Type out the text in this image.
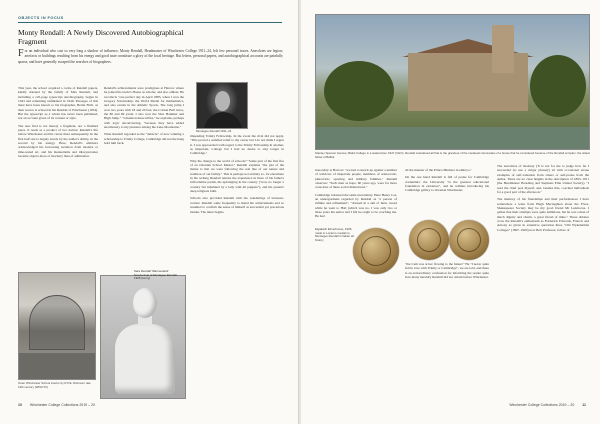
OBJECTS IN FOCUS
Monty Rendall: A Newly Discovered Autobiographical Fragment
For an individual who cast so very long a shadow of influence, Monty Rendall, Headmaster of Winchester College 1911–24, left few personal traces. Anecdotes are legion; artefacts or buildings resulting from his energy and good taste constitute a glory of the local heritage. But letters, personal papers, and autobiographical accounts are painfully sparse, and have generally escaped the searches of biographers.

This year, the school acquired a cache of Rendall papers, kindly donated by the family of Max Rendall, and including a 125-page typescript autobiography, begun in 1943 and remaining unfinished in 1949. Passages of this must have been known to his biographer, Bertie Firth, as their source is echoed in his Rendall of Winchester (1954). But the typescript as a whole has never been published, nor an account given of its content or style.

The new find is not merely a fragment, nor a finished piece. It reads as a product of two halves: Rendall's life before Winchester and his career there subsequently. In the first half one is largely struck by the author's ability, in the second by his energy. Here, Rendall's admirers acknowledged his increasing isolation from modern or time-tested art, and his mannerisms and idiosyncrasies became objects more of mockery than of admiration.

Rendall's achievements were prodigious at Harrow where he joined his uncle's House as scholar, and also athlete. He recollects "one perfect day in April 1883, when I won the Gregory Scholarship, the World Medal for mathematics, and also events in the Athletic Sports. The long jump I won two years with 18 and 20 feet, the Cricket Ball twice, the 80 and 99 yards. I also won the Shot Hammer and High Jump." "I mention these trifles," he explains, perhaps with logic unconvincing, "because they have added enormously to my pleasure among the Lake Mountains."

What Rendall regarded as the "debacle" of now winning a scholarship to Trinity College, Cambridge did not the hang hold him back.

Montague Rendall 1911–24

impending Trinity Fellowship. In the event the rival did not apply. "This proved a satisfied relief to my career but I do not think I regret it. I was approached with regard to the Trinity Fellowship in another, as important, College but I had no desire to stay longer in Cambridge."

Why the change to the world of schools? "Some part of the first fire of an Oxonian School Master," Rendall explains "the gist of the matter is that we were following the real line of our nature and tradition of our family." This is perhaps not entirely so, for elsewhere in his writing Rendall returns the experience in lines of his father's Oxfordshire parish, his upbringing in the country ("now no longer a country but inhabited by a lady with 40 puppies"), and his parents' deep religious faith.

Schools also provided Rendall with the wanderings of between-contest. Rendall some frequently to mend his achievements and so resumed to confirm the sense of himself as successful yet precarious insider. The inner begins.

Outer Winchester School interior by R.P.E. Rickman; late 19th century (WINCTC)
Sara Rendall 'Warmesland' bronze bust of Montague Rendall 1905 (Hurry)
10 Winchester College Collections 2019 – 20
Stanley Spencer Avenue; Baliol College in a watercolour 1947 (CHO). Rendall maintained all that in the grandeur of the medieval colonnades of a house that he considered became of the Rendall complex: the oldest fellow of Balliol.

honorably at Harrow: "we had to knock up against a number of windows of important people, members of aristocratic, plutocratic, sporting and military families." Rendall observes: "Such men as hope, 60 years ago, were far more conscious of these social distinctions."

Cambridge bolstered the same uncertainty. Here Henry Ces, an undergraduate regarded by Rendall as "a person of infinite and refinement", "dressed in a suit of hunt, tweed while he went to Hall (which was no, I was only two or three years his senior and I felt he ought to be coaching me. He had

all the manner of the Prince Minister in embryo."

On the one hand Rendall is full of praise for Cambridge credentials: the University "is the greatest educational foundation in existence", and he relishes introducing his Cambridge gallery to Oxonian Winchester.

Elgiabeth Elmerhouse, 1905, made in Locarno medals to Montague Rendall in Italian art history

"the Cam was at her flowing to the future!" He "I never quite fell in love with Trinity or Cambridge", we are told, and there is an extraordinary confession for informing the reader quite how many heraldry Rendall did not obtain before Winchester.

The narratives of modesty ('It is not for me to judge how far I succeeded (to use a vulgar phrase)') sit with occasional strone examples of self-valuation from others or self-praise from the author. There are no clear heights in the description of 1895–1911 (the Headmaster Boarding and Stephens Elite United Society). "I read the chief post myself, and, besides this, coached individuals for a good part of the afternoon."

The memory of his friendships and their performances I have somewhere a letter from Hugh Macnaghten about the Fives. Shakespeare Society may be my good friend Mr Lenmocus. I gather that their attempts were quite ambitious, but he was a man of much dignity and charm, a great friend of mine." These debates cross the Rendall's enthusiasm as Frederick Edwards, Francis and Antony as given in extensive quotation three "Old Wykehamist Collages" (1897–1900) now Bolt Professor, fellow of

Winchester College Collections 2019 – 20 11
